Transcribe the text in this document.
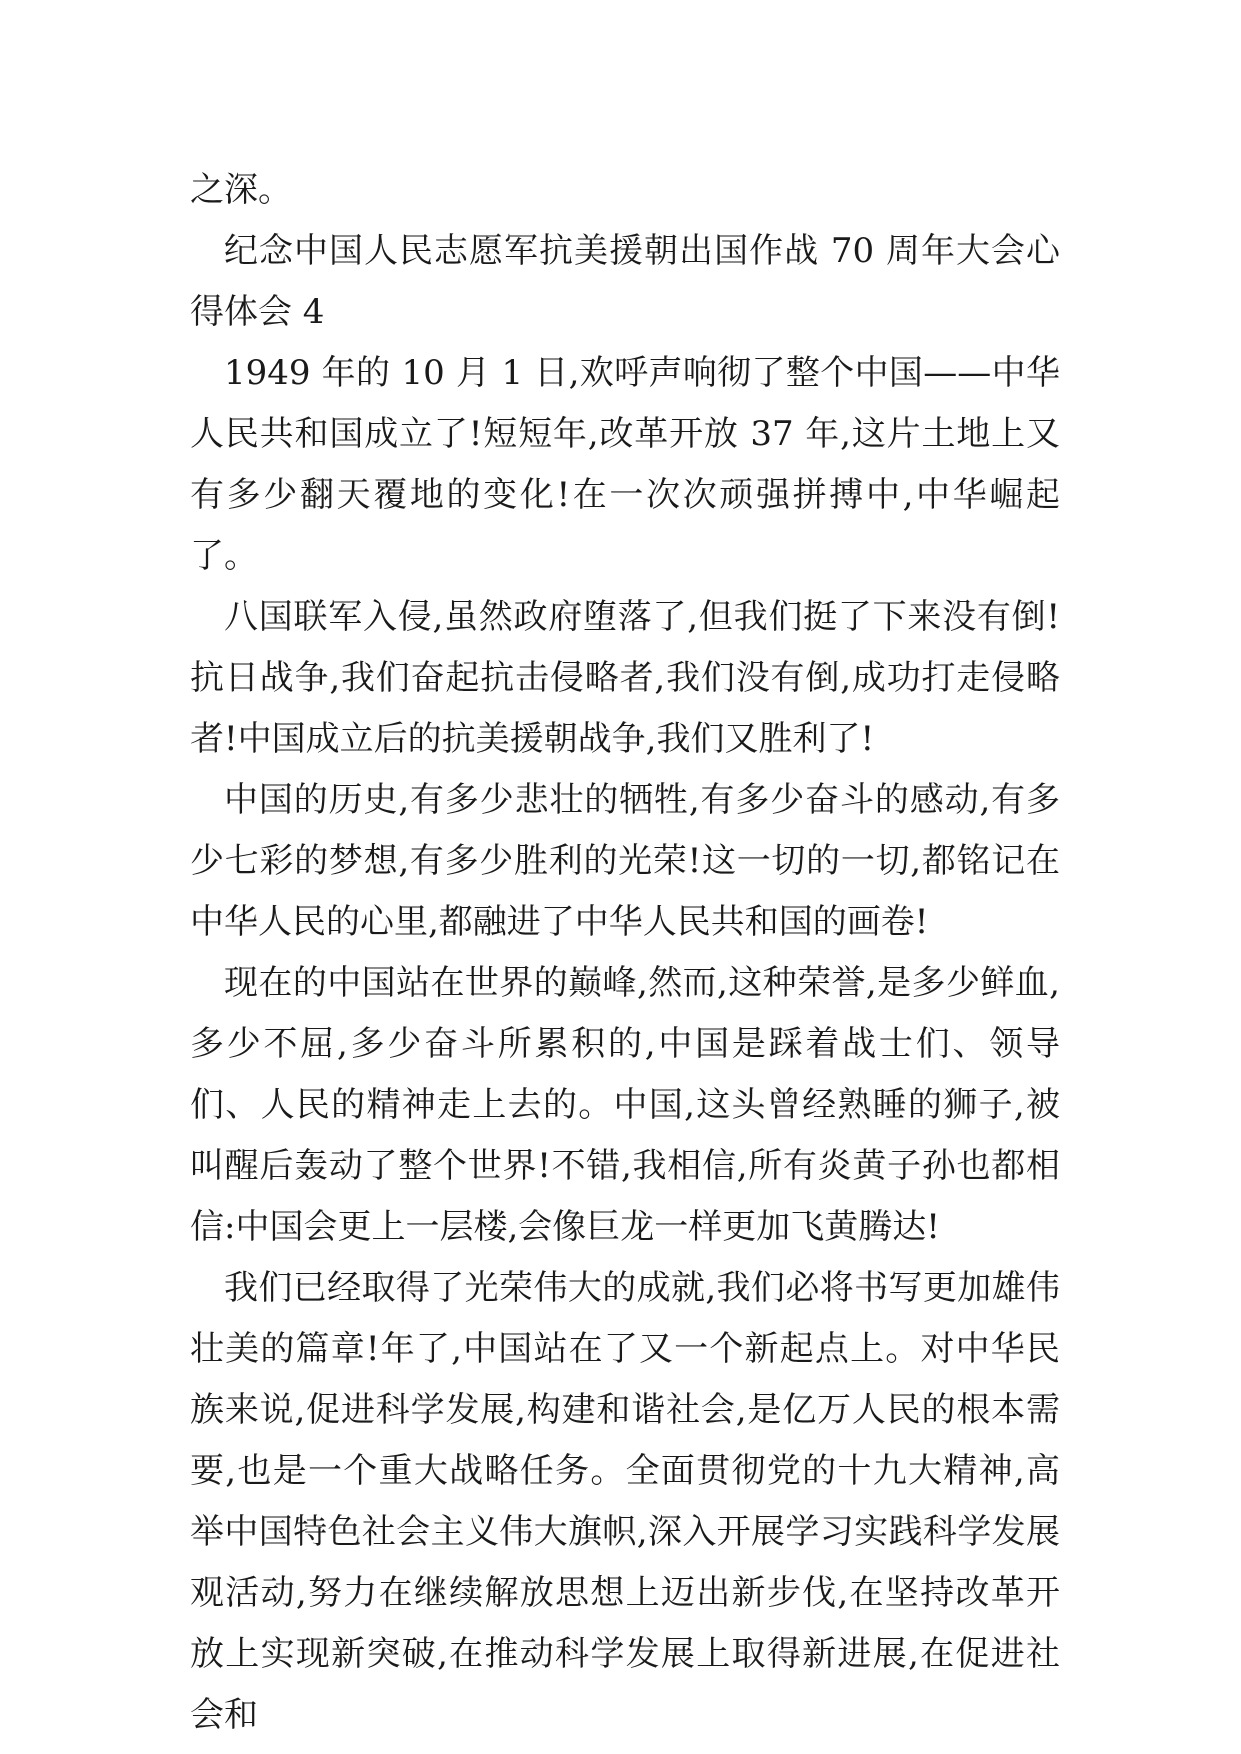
之深。

纪念中国人民志愿军抗美援朝出国作战 70 周年大会心得体会 4

1949 年的 10 月 1 日,欢呼声响彻了整个中国——中华人民共和国成立了!短短年,改革开放 37 年,这片土地上又有多少翻天覆地的变化!在一次次顽强拼搏中,中华崛起了。

八国联军入侵,虽然政府堕落了,但我们挺了下来没有倒!抗日战争,我们奋起抗击侵略者,我们没有倒,成功打走侵略者!中国成立后的抗美援朝战争,我们又胜利了!

中国的历史,有多少悲壮的牺牲,有多少奋斗的感动,有多少七彩的梦想,有多少胜利的光荣!这一切的一切,都铭记在中华人民的心里,都融进了中华人民共和国的画卷!

现在的中国站在世界的巅峰,然而,这种荣誉,是多少鲜血,多少不屈,多少奋斗所累积的,中国是踩着战士们、领导们、人民的精神走上去的。中国,这头曾经熟睡的狮子,被叫醒后轰动了整个世界!不错,我相信,所有炎黄子孙也都相信:中国会更上一层楼,会像巨龙一样更加飞黄腾达!

我们已经取得了光荣伟大的成就,我们必将书写更加雄伟壮美的篇章!年了,中国站在了又一个新起点上。对中华民族来说,促进科学发展,构建和谐社会,是亿万人民的根本需要,也是一个重大战略任务。全面贯彻党的十九大精神,高举中国特色社会主义伟大旗帜,深入开展学习实践科学发展观活动,努力在继续解放思想上迈出新步伐,在坚持改革开放上实现新突破,在推动科学发展上取得新进展,在促进社会和
